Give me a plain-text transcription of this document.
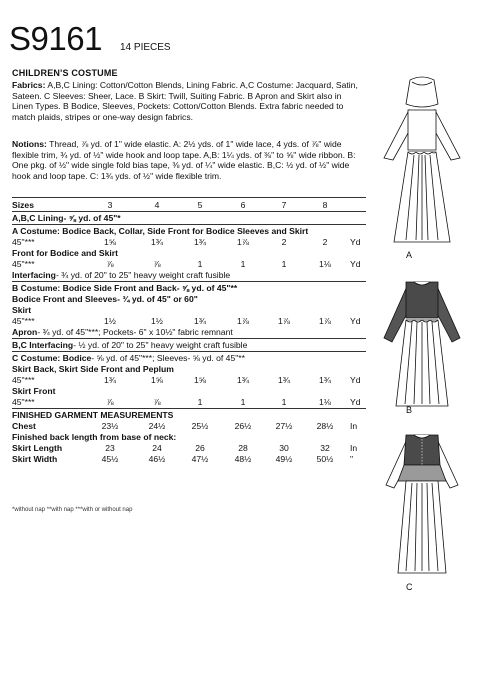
S9161 14 PIECES
CHILDREN'S COSTUME
Fabrics: A,B,C Lining: Cotton/Cotton Blends, Lining Fabric. A,C Costume: Jacquard, Satin, Sateen. C Sleeves: Sheer, Lace. B Skirt: Twill, Suiting Fabric. B Apron and Skirt also in Linen Types. B Bodice, Sleeves, Pockets: Cotton/Cotton Blends. Extra fabric needed to match plaids, stripes or one-way design fabrics.
Notions: Thread, ⅞ yd. of 1" wide elastic. A: 2½ yds. of 1" wide lace, 4 yds. of ⅞" wide flexible trim, ¾ yd. of ½" wide hook and loop tape. A,B: 1¼ yds. of ⅜" to ⅝" wide ribbon. B: One pkg. of ½" wide single fold bias tape, ⅜ yd. of ¼" wide elastic. B,C: ½ yd. of ½" wide hook and loop tape. C: 1¾ yds. of ½" wide flexible trim.
*without nap **with nap ***with or without nap
A
B
C
Sizes	3	4	5	6	7	8
A,B,C Lining- ⅝ yd. of 45"*
A Costume: Bodice Back, Collar, Side Front for Bodice Sleeves and Skirt
45"***	1⅝	1¾	1¾	1⅞	2	2	Yd
Front for Bodice and Skirt
45"***	⅞	⅞	1	1	1	1⅛	Yd
Interfacing- ¾ yd. of 20" to 25" heavy weight craft fusible
B Costume: Bodice Side Front and Back- ⅝ yd. of 45"**
Bodice Front and Sleeves- ¾ yd. of 45" or 60"
Skirt
45"***	1½	1½	1¾	1⅞	1⅞	1⅞	Yd
Apron- ¾ yd. of 45"***; Pockets- 6" x 10½" fabric remnant
B,C Interfacing- ½ yd. of 20" to 25" heavy weight craft fusible
C Costume: Bodice- ⅝ yd. of 45"***; Sleeves- ⅝ yd. of 45"**
Skirt Back, Skirt Side Front and Peplum
45"***	1¾	1⅝	1⅝	1¾	1¾	1¾	Yd
Skirt Front
45"***	⅞	⅞	1	1	1	1⅛	Yd
FINISHED GARMENT MEASUREMENTS
Chest	23½	24½	25½	26½	27½	28½	In
Finished back length from base of neck:
Skirt Length	23	24	26	28	30	32	In
Skirt Width	45½	46½	47½	48½	49½	50½	"
